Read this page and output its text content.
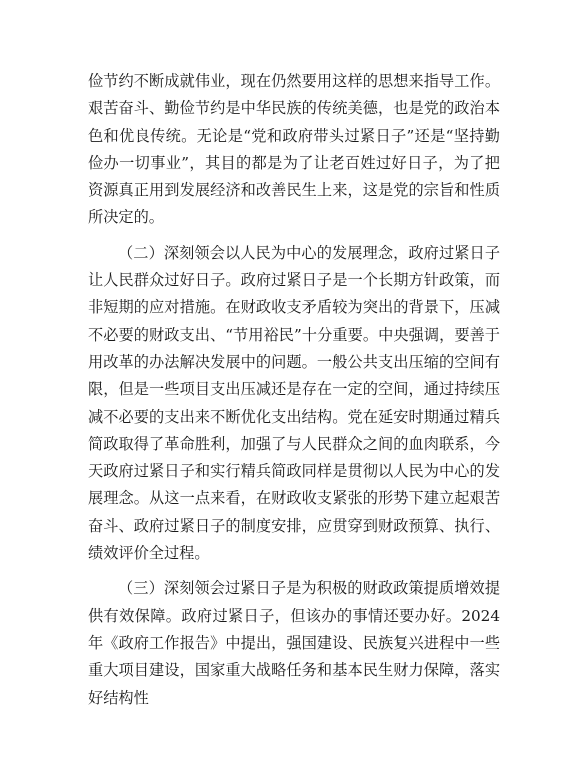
俭节约不断成就伟业，现在仍然要用这样的思想来指导工作。艰苦奋斗、勤俭节约是中华民族的传统美德，也是党的政治本色和优良传统。无论是“党和政府带头过紧日子”还是“坚持勤俭办一切事业”，其目的都是为了让老百姓过好日子，为了把资源真正用到发展经济和改善民生上来，这是党的宗旨和性质所决定的。

（二）深刻领会以人民为中心的发展理念，政府过紧日子让人民群众过好日子。政府过紧日子是一个长期方针政策，而非短期的应对措施。在财政收支矛盾较为突出的背景下，压减不必要的财政支出、“节用裕民”十分重要。中央强调，要善于用改革的办法解决发展中的问题。一般公共支出压缩的空间有限，但是一些项目支出压减还是存在一定的空间，通过持续压减不必要的支出来不断优化支出结构。党在延安时期通过精兵简政取得了革命胜利，加强了与人民群众之间的血肉联系，今天政府过紧日子和实行精兵简政同样是贯彻以人民为中心的发展理念。从这一点来看，在财政收支紧张的形势下建立起艰苦奋斗、政府过紧日子的制度安排，应贯穿到财政预算、执行、绩效评价全过程。

（三）深刻领会过紧日子是为积极的财政政策提质增效提供有效保障。政府过紧日子，但该办的事情还要办好。2024年《政府工作报告》中提出，强国建设、民族复兴进程中一些重大项目建设，国家重大战略任务和基本民生财力保障，落实好结构性
